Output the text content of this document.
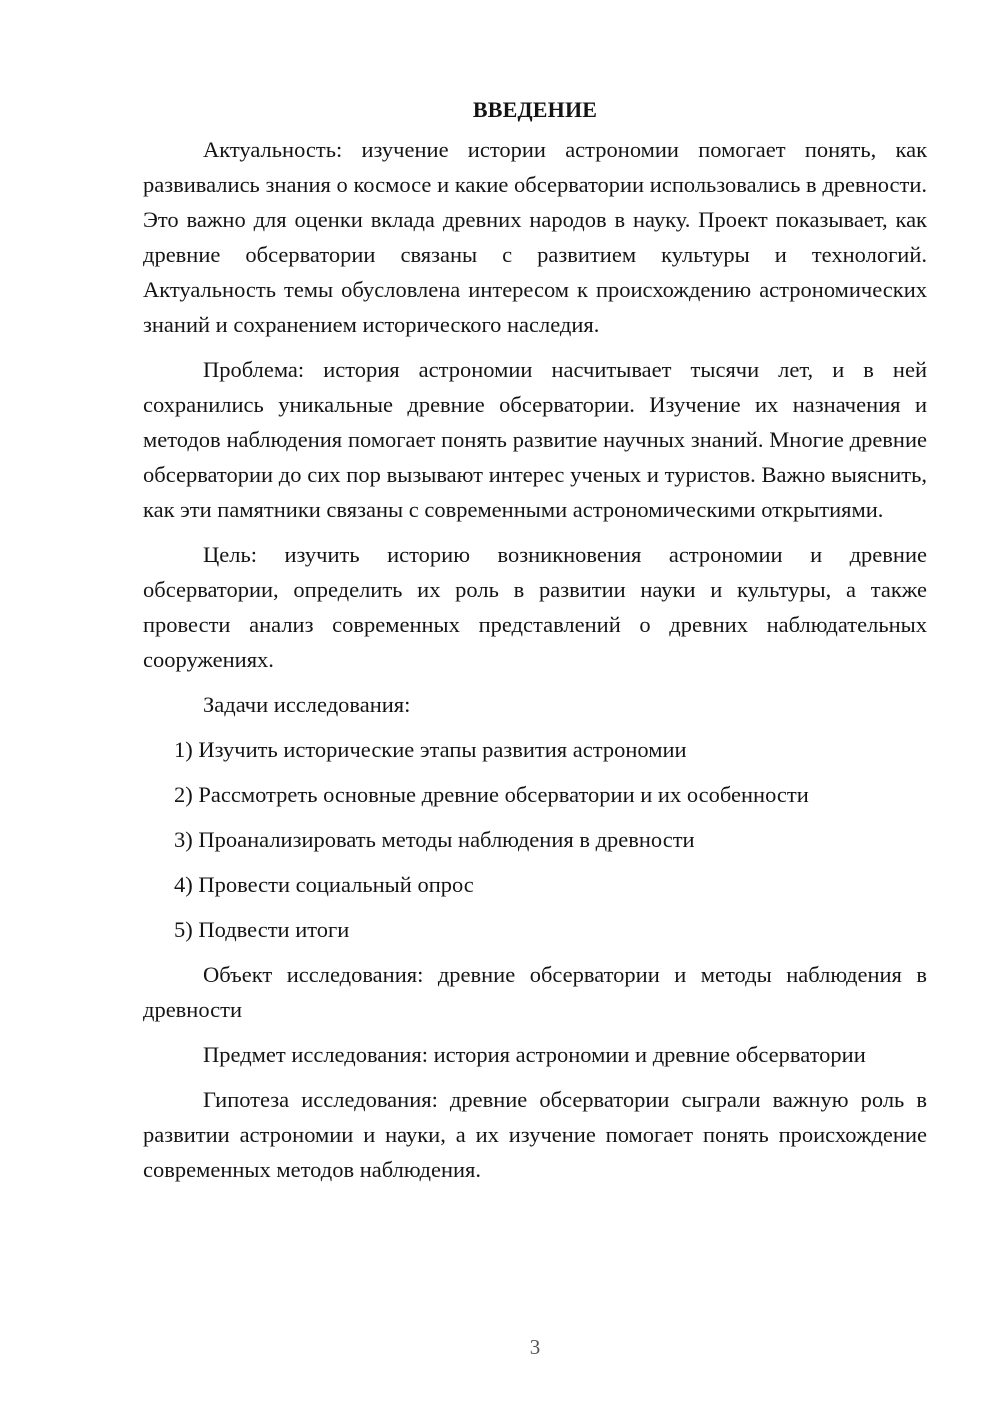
ВВЕДЕНИЕ

Актуальность: изучение истории астрономии помогает понять, как развивались знания о космосе и какие обсерватории использовались в древности. Это важно для оценки вклада древних народов в науку. Проект показывает, как древние обсерватории связаны с развитием культуры и технологий. Актуальность темы обусловлена интересом к происхождению астрономических знаний и сохранением исторического наследия.

Проблема: история астрономии насчитывает тысячи лет, и в ней сохранились уникальные древние обсерватории. Изучение их назначения и методов наблюдения помогает понять развитие научных знаний. Многие древние обсерватории до сих пор вызывают интерес ученых и туристов. Важно выяснить, как эти памятники связаны с современными астрономическими открытиями.

Цель: изучить историю возникновения астрономии и древние обсерватории, определить их роль в развитии науки и культуры, а также провести анализ современных представлений о древних наблюдательных сооружениях.

Задачи исследования:

1) Изучить исторические этапы развития астрономии
2) Рассмотреть основные древние обсерватории и их особенности
3) Проанализировать методы наблюдения в древности
4) Провести социальный опрос
5) Подвести итоги

Объект исследования: древние обсерватории и методы наблюдения в древности

Предмет исследования: история астрономии и древние обсерватории

Гипотеза исследования: древние обсерватории сыграли важную роль в развитии астрономии и науки, а их изучение помогает понять происхождение современных методов наблюдения.

3
